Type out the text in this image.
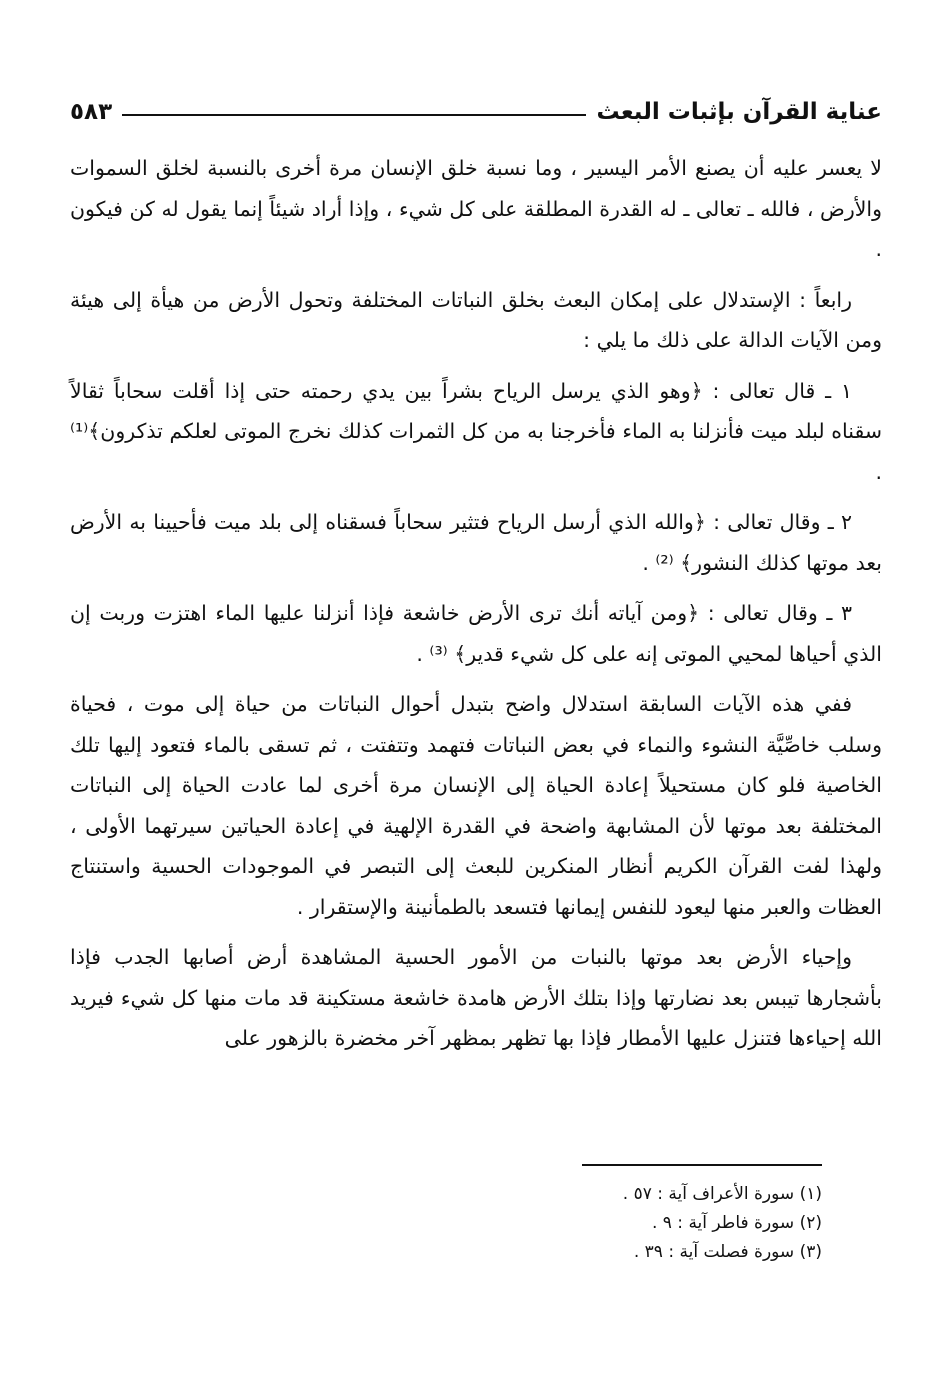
عناية القرآن بإثبات البعث
٥٨٣

لا يعسر عليه أن يصنع الأمر اليسير ، وما نسبة خلق الإنسان مرة أخرى بالنسبة لخلق السموات والأرض ، فالله ـ تعالى ـ له القدرة المطلقة على كل شيء ، وإذا أراد شيئاً إنما يقول له كن فيكون .

رابعاً : الإستدلال على إمكان البعث بخلق النباتات المختلفة وتحول الأرض من هيأة إلى هيئة ومن الآيات الدالة على ذلك ما يلي :

١ ـ قال تعالى : ﴿وهو الذي يرسل الرياح بشراً بين يدي رحمته حتى إذا أقلت سحاباً ثقالاً سقناه لبلد ميت فأنزلنا به الماء فأخرجنا به من كل الثمرات كذلك نخرج الموتى لعلكم تذكرون﴾⁽¹⁾ .

٢ ـ وقال تعالى : ﴿والله الذي أرسل الرياح فتثير سحاباً فسقناه إلى بلد ميت فأحيينا به الأرض بعد موتها كذلك النشور﴾ ⁽²⁾ .

٣ ـ وقال تعالى : ﴿ومن آياته أنك ترى الأرض خاشعة فإذا أنزلنا عليها الماء اهتزت وربت إن الذي أحياها لمحيي الموتى إنه على كل شيء قدير﴾ ⁽³⁾ .

ففي هذه الآيات السابقة استدلال واضح بتبدل أحوال النباتات من حياة إلى موت ، فحياة وسلب خاصِّيَّة النشوء والنماء في بعض النباتات فتهمد وتتفتت ، ثم تسقى بالماء فتعود إليها تلك الخاصية فلو كان مستحيلاً إعادة الحياة إلى الإنسان مرة أخرى لما عادت الحياة إلى النباتات المختلفة بعد موتها لأن المشابهة واضحة في القدرة الإلهية في إعادة الحياتين سيرتهما الأولى ، ولهذا لفت القرآن الكريم أنظار المنكرين للبعث إلى التبصر في الموجودات الحسية واستنتاج العظات والعبر منها ليعود للنفس إيمانها فتسعد بالطمأنينة والإستقرار .

وإحياء الأرض بعد موتها بالنبات من الأمور الحسية المشاهدة أرض أصابها الجدب فإذا بأشجارها تيبس بعد نضارتها وإذا بتلك الأرض هامدة خاشعة مستكينة قد مات منها كل شيء فيريد الله إحياءها فتنزل عليها الأمطار فإذا بها تظهر بمظهر آخر مخضرة بالزهور على

(١) سورة الأعراف آية : ٥٧ .
(٢) سورة فاطر آية : ٩ .
(٣) سورة فصلت آية : ٣٩ .
